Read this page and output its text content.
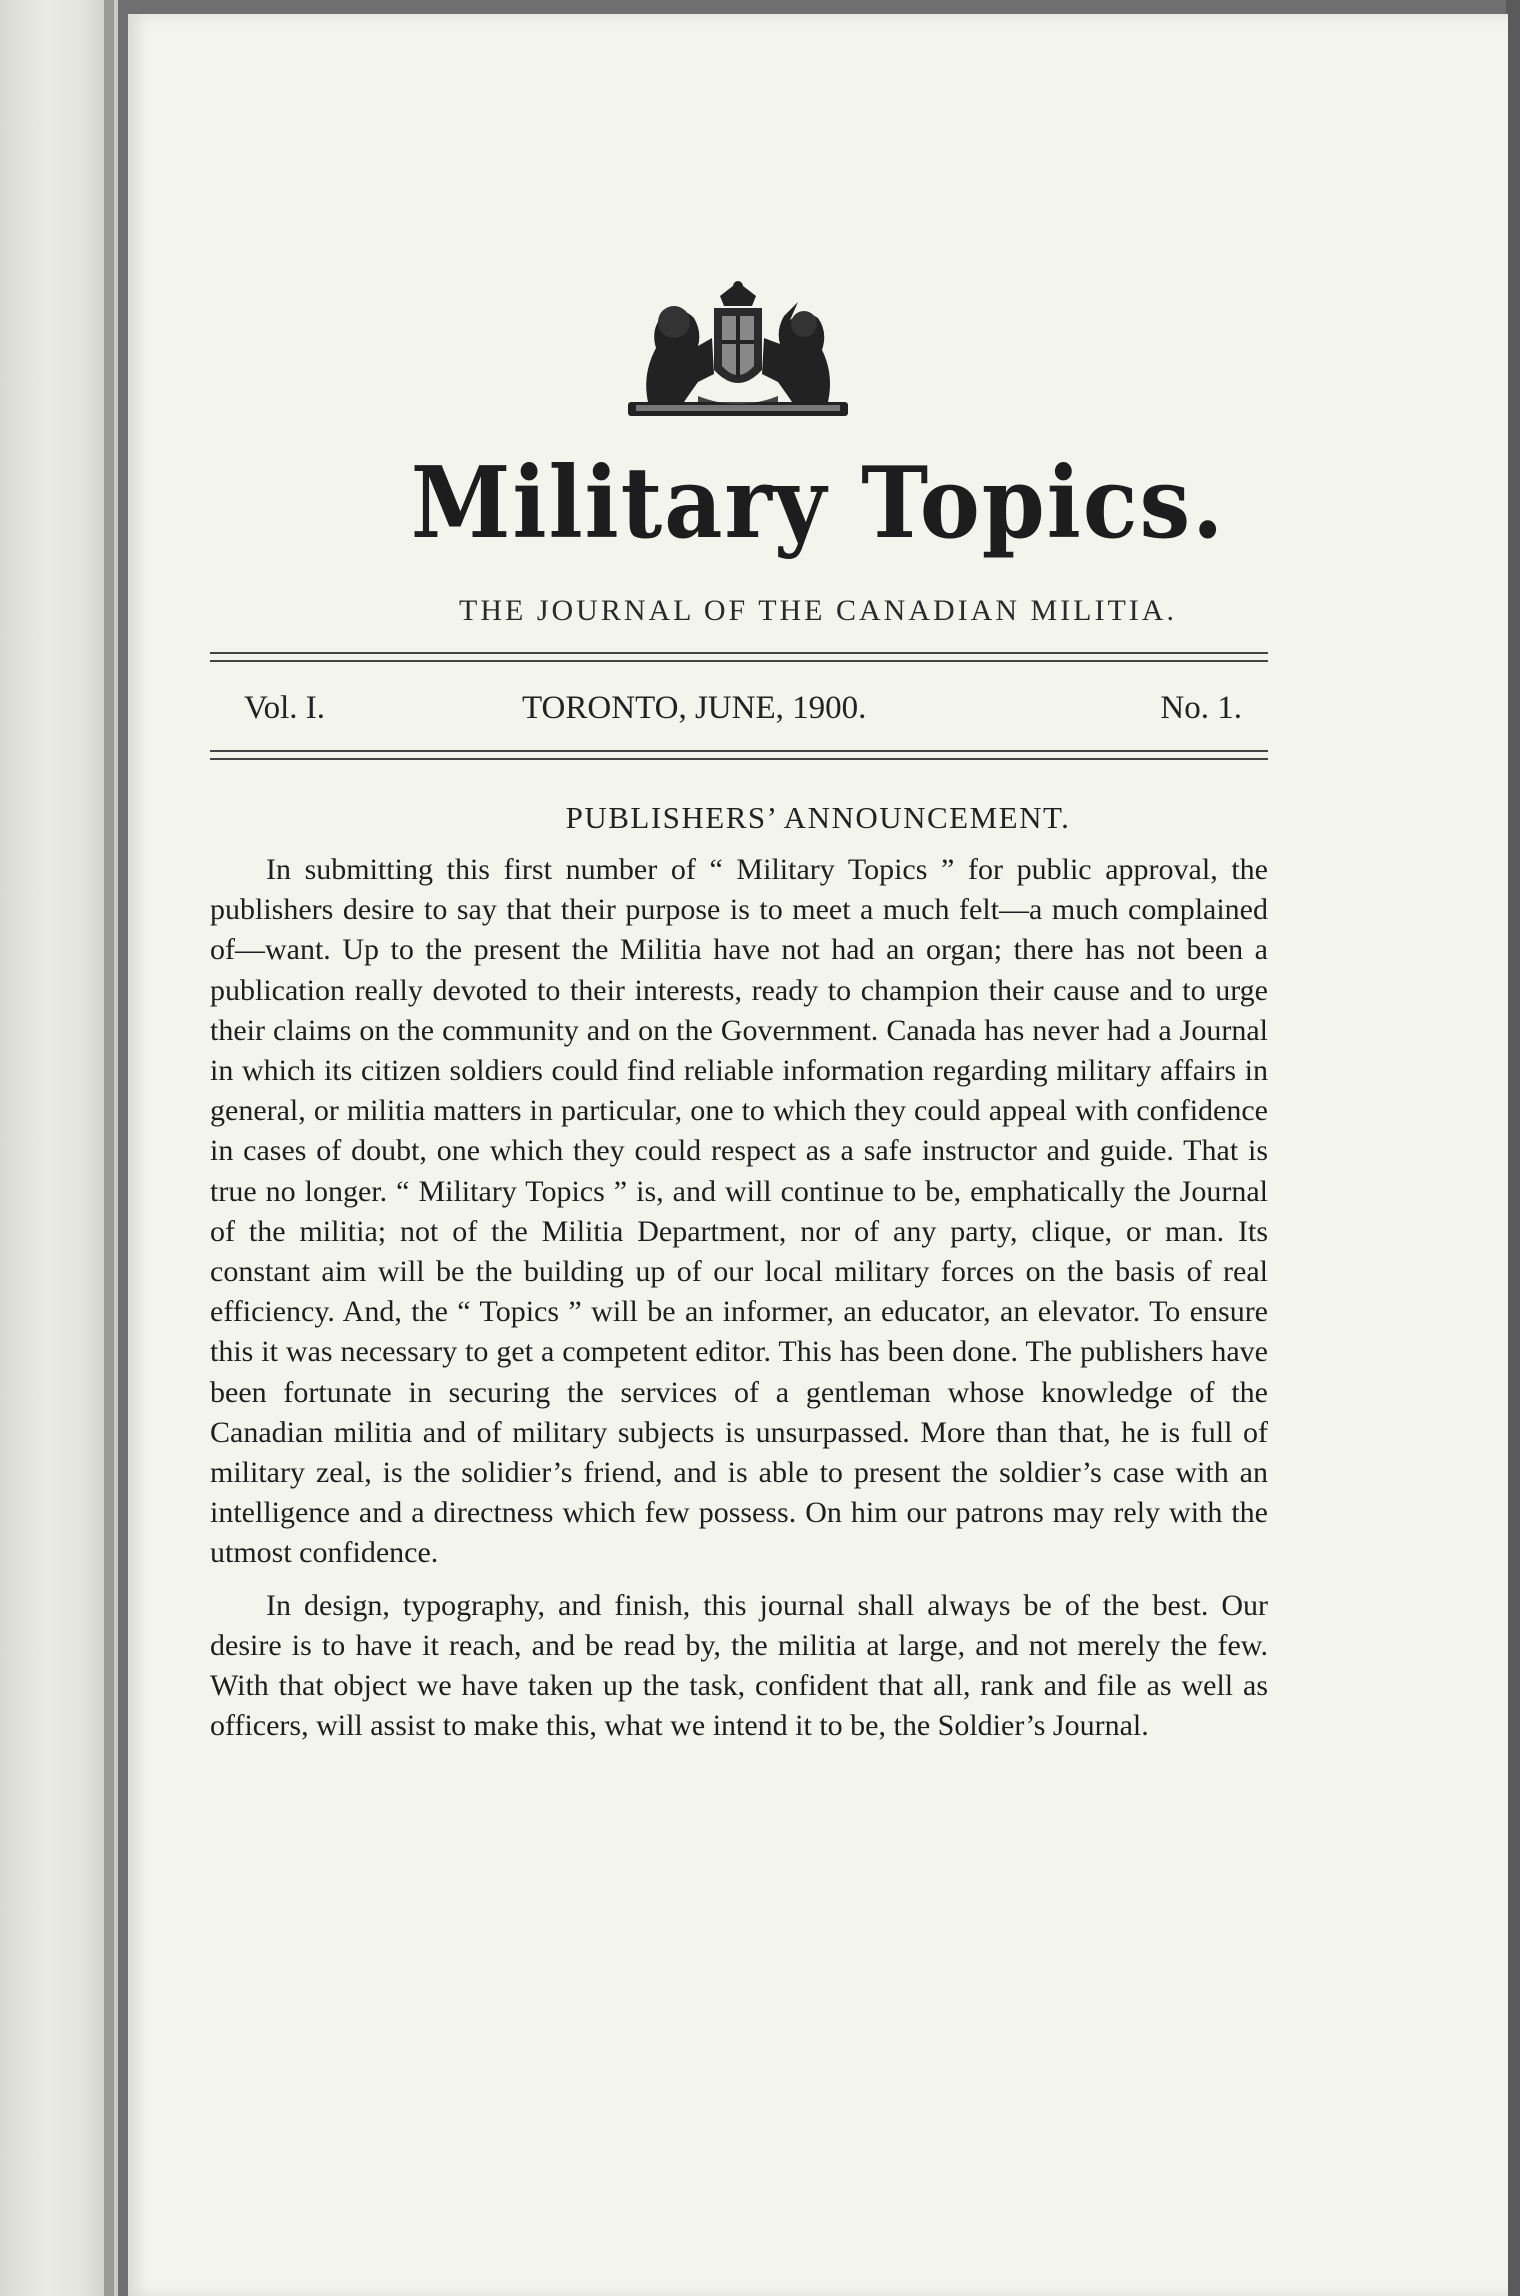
Military Topics.
THE JOURNAL OF THE CANADIAN MILITIA.
Vol. I.	TORONTO, JUNE, 1900.	No. 1.
PUBLISHERS’ ANNOUNCEMENT.

In submitting this first number of “ Military Topics ” for public approval, the publishers desire to say that their purpose is to meet a much felt—a much complained of—want. Up to the present the Militia have not had an organ; there has not been a publication really devoted to their interests, ready to champion their cause and to urge their claims on the community and on the Government. Canada has never had a Journal in which its citizen soldiers could find reliable information regarding military affairs in general, or militia matters in particular, one to which they could appeal with confidence in cases of doubt, one which they could respect as a safe instructor and guide. That is true no longer. “ Military Topics ” is, and will continue to be, emphatically the Journal of the militia; not of the Militia Department, nor of any party, clique, or man. Its constant aim will be the building up of our local military forces on the basis of real efficiency. And, the “ Topics ” will be an informer, an educator, an elevator. To ensure this it was necessary to get a competent editor. This has been done. The publishers have been fortunate in securing the services of a gentleman whose knowledge of the Canadian militia and of military subjects is unsurpassed. More than that, he is full of military zeal, is the solidier’s friend, and is able to present the soldier’s case with an intelligence and a directness which few possess. On him our patrons may rely with the utmost confidence.

In design, typography, and finish, this journal shall always be of the best. Our desire is to have it reach, and be read by, the militia at large, and not merely the few. With that object we have taken up the task, confident that all, rank and file as well as officers, will assist to make this, what we intend it to be, the Soldier’s Journal.
